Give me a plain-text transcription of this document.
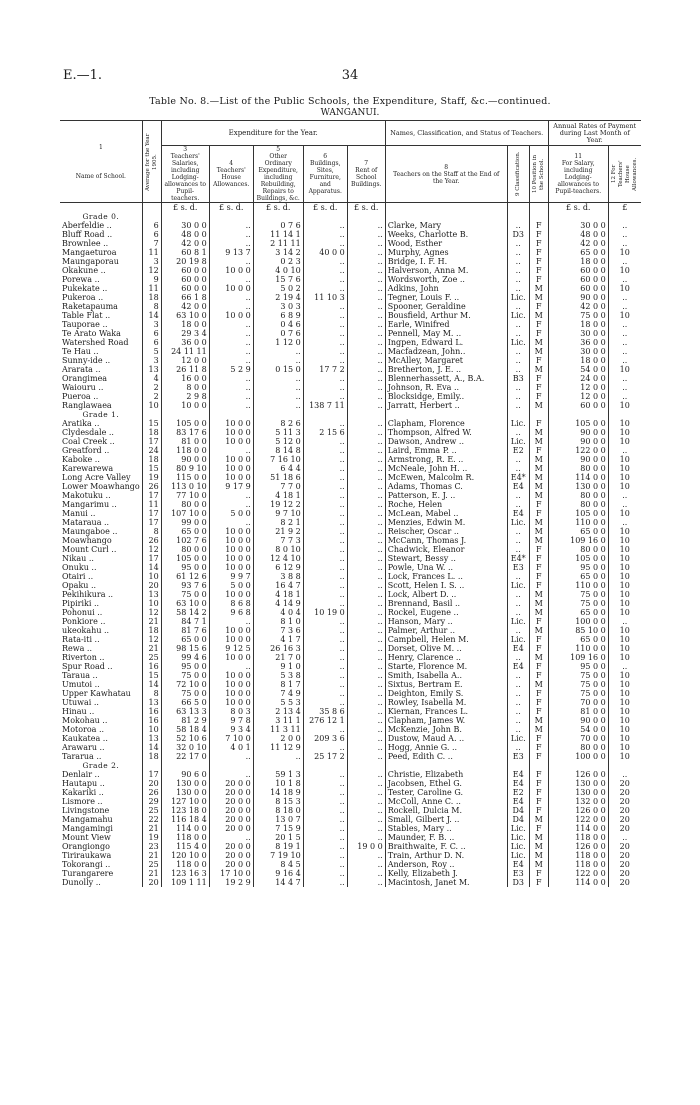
E.—1.	34
Table No. 8.—List of the Public Schools, the Expenditure, Staff, &c.—continued.
WANGANUI.
1
Name of School.	Average for the Year 1905.	Expenditure for the Year.					Names, Classification, and Status of Teachers.			Annual Rates of Payment during Last Month of Year.	
		3
Teachers' Salaries, including Lodging-allowances to Pupil-teachers.	4
Teachers' House Allowances.	5
Other Ordinary Expenditure, including Rebuilding, Repairs to Buildings, &c.	6
Buildings, Sites, Furniture, and Apparatus.	7
Rent of School Buildings.	8
Teachers on the Staff at the End of the Year.	9 Classification.	10 Position in the School.	11
For Salary, including Lodging-allowances to Pupil-teachers.	12 For Teachers' House Allowances.

		£ s. d.	£ s. d.	£ s. d.	£ s. d.	£ s. d.				£ s. d.	£
Grade 0.											
Aberfeldie ..	6	30 0 0	..	0 7 6	..	..	Clarke, Mary	..	F	30 0 0	..
Bluff Road ..	6	48 0 0	..	11 14 1	..	..	Weeks, Charlotte B.	D3	F	48 0 0	..
Brownlee ..	7	42 0 0	..	2 11 11	..	..	Wood, Esther	..	F	42 0 0	..
Mangaeturoa	11	60 8 1	9 13 7	3 14 2	40 0 0	..	Murphy, Agnes	..	F	65 0 0	10
Maungaporau	3	20 19 8	..	0 2 3	..	..	Bridge, I. F. H.	..	F	18 0 0	..
Okakune ..	12	60 0 0	10 0 0	4 0 10	..	..	Halverson, Anna M.	..	F	60 0 0	10
Porewa ..	9	60 0 0	..	15 7 6	..	..	Wordsworth, Zoe ..	..	F	60 0 0	..
Pukekate ..	11	60 0 0	10 0 0	5 0 2	..	..	Adkins, John	..	M	60 0 0	10
Pukeroa ..	18	66 1 8	..	2 19 4	11 10 3	..	Tegner, Louis F. ..	Lic.	M	90 0 0	..
Raketapauma	8	42 0 0	..	3 0 3	..	..	Spooner, Geraldine	..	F	42 0 0	..
Table Flat ..	14	63 10 0	10 0 0	6 8 9	..	..	Bousfield, Arthur M.	Lic.	M	75 0 0	10
Tauporae ..	3	18 0 0	..	0 4 6	..	..	Earle, Winifred	..	F	18 0 0	..
Te Arato Waka	6	29 3 4	..	0 7 6	..	..	Pennell, May M. ..	..	F	30 0 0	..
Watershed Road	6	36 0 0	..	1 12 0	..	..	Ingpen, Edward L.	Lic.	M	36 0 0	..
Te Hau ..	5	24 11 11	..	..	..	..	Macfadzean, John..	..	M	30 0 0	..
Sunny-ide ..	3	12 0 0	..	..	..	..	McAlley, Margaret	..	F	18 0 0	..
Ararata ..	13	26 11 8	5 2 9	0 15 0	17 7 2	..	Bretherton, J. E. ..	..	M	54 0 0	10
Orangimea	4	16 0 0	..	..	..	..	Blennerhassett, A., B.A.	B3	F	24 0 0	..
Waiouru ..	2	8 0 0	..	..	..	..	Johnson, R. Eva ..	..	F	12 0 0	..
Pueroa ..	2	2 9 8	..	..	..	..	Blocksidge, Emily..	..	F	12 0 0	..
Ranglawaea	10	10 0 0	..	..	138 7 11	..	Jarratt, Herbert ..	..	M	60 0 0	10
Grade 1.											
Aratika ..	15	105 0 0	10 0 0	8 2 6	..	..	Clapham, Florence	Lic.	F	105 0 0	10
Clydesdale ..	18	83 17 6	10 0 0	5 11 3	2 15 6	..	Thompson, Alfred W.	..	M	90 0 0	10
Coal Creek ..	17	81 0 0	10 0 0	5 12 0	..	..	Dawson, Andrew ..	Lic.	M	90 0 0	10
Greatford ..	24	118 0 0	..	8 14 8	..	..	Laird, Emma P. ..	E2	F	122 0 0	..
Kaboke ..	18	90 0 0	10 0 0	7 16 10	..	..	Armstrong, R. E. ..	..	M	90 0 0	10
Karewarewa	15	80 9 10	10 0 0	6 4 4	..	..	McNeale, John H. ..	..	M	80 0 0	10
Long Acre Valley	19	115 0 0	10 0 0	51 18 6	..	..	McEwen, Malcolm R.	E4*	M	114 0 0	10
Lower Moawhango	26	113 0 10	9 17 9	7 7 0	..	..	Adams, Thomas C.	E4	M	130 0 0	10
Makotuku ..	17	77 10 0	..	4 18 1	..	..	Patterson, E. J. ..	..	M	80 0 0	..
Mangarimu ..	11	80 0 0	..	19 12 2	..	..	Roche, Helen	..	F	80 0 0	..
Manui ..	17	107 10 0	5 0 0	9 7 10	..	..	McLean, Mabel ..	E4	F	105 0 0	10
Mataraua ..	17	99 0 0	..	8 2 1	..	..	Menzies, Edwin M.	Lic.	M	110 0 0	..
Maungaboe ..	8	65 0 0	10 0 0	21 9 2	..	..	Reischer, Oscar ..	..	M	65 0 0	10
Moawhango	26	102 7 6	10 0 0	7 7 3	..	..	McCann, Thomas J.	..	M	109 16 0	10
Mount Curl ..	12	80 0 0	10 0 0	8 0 10	..	..	Chadwick, Eleanor	..	F	80 0 0	10
Nikau ..	17	105 0 0	10 0 0	12 4 10	..	..	Stewart, Bessy ..	E4*	F	105 0 0	10
Onuku ..	14	95 0 0	10 0 0	6 12 9	..	..	Powle, Una W. ..	E3	F	95 0 0	10
Otairi ..	10	61 12 6	9 9 7	3 8 8	..	..	Lock, Frances L. ..	..	F	65 0 0	10
Opaku ..	20	93 7 6	5 0 0	16 4 7	..	..	Scott, Helen I. S. ..	Lic.	F	110 0 0	10
Pekihikura ..	13	75 0 0	10 0 0	4 18 1	..	..	Lock, Albert D. ..	..	M	75 0 0	10
Pipiriki ..	10	63 10 0	8 6 8	4 14 9	..	..	Brennand, Basil ..	..	M	75 0 0	10
Pohonui ..	12	58 14 2	9 6 8	4 0 4	10 19 0	..	Rockel, Eugene ..	..	M	65 0 0	10
Ponkiore ..	21	84 7 1	..	8 1 0	..	..	Hanson, Mary ..	Lic.	F	100 0 0	..
ukeokahu ..	18	81 7 6	10 0 0	7 3 6	..	..	Palmer, Arthur ..	..	M	85 10 0	10
Rata-iti ..	12	65 0 0	10 0 0	4 1 7	..	..	Campbell, Helen M.	Lic.	F	65 0 0	10
Rewa ..	21	98 15 6	9 12 5	26 16 3	..	..	Dorset, Olive M. ..	E4	F	110 0 0	10
Riverton ..	25	99 4 6	10 0 0	21 7 0	..	..	Henry, Clarence ..	..	M	109 16 0	10
Spur Road ..	16	95 0 0	..	9 1 0	..	..	Starte, Florence M.	E4	F	95 0 0	..
Taraua ..	15	75 0 0	10 0 0	5 3 8	..	..	Smith, Isabella A..	..	F	75 0 0	10
Umutoi ..	14	72 10 0	10 0 0	8 1 7	..	..	Sixtus, Bertram E.	..	M	75 0 0	10
Upper Kawhatau	8	75 0 0	10 0 0	7 4 9	..	..	Deighton, Emily S.	..	F	75 0 0	10
Utuwai ..	13	66 5 0	10 0 0	5 5 3	..	..	Rowley, Isabella M.	..	F	70 0 0	10
Hinau ..	16	63 13 3	8 0 3	2 13 4	35 8 6	..	Kiernan, Frances L.	..	F	81 0 0	10
Mokohau ..	16	81 2 9	9 7 8	3 11 1	276 12 1	..	Clapham, James W.	..	M	90 0 0	10
Motoroa ..	10	58 18 4	9 3 4	11 3 11	..	..	McKenzie, John B.	..	M	54 0 0	10
Kaukatea ..	13	52 10 6	7 10 0	2 0 0	209 3 6	..	Dustow, Maud A. ..	Lic.	F	70 0 0	10
Arawaru ..	14	32 0 10	4 0 1	11 12 9	..	..	Hogg, Annie G. ..	..	F	80 0 0	10
Tararua ..	18	22 17 0	..	..	25 17 2	..	Peed, Edith C. ..	E3	F	100 0 0	10
Grade 2.											
Denlair ..	17	90 6 0	..	59 1 3	..	..	Christie, Elizabeth	E4	F	126 0 0	..
Hautapu ..	20	130 0 0	20 0 0	10 1 8	..	..	Jacobsen, Ethel G.	E4	F	130 0 0	20
Kakariki ..	26	130 0 0	20 0 0	14 18 9	..	..	Tester, Caroline G.	E2	F	130 0 0	20
Lismore ..	29	127 10 0	20 0 0	8 15 3	..	..	McColl, Anne C. ..	E4	F	132 0 0	20
Livingstone	25	123 18 0	20 0 0	8 18 0	..	..	Rockell, Dulcia M.	D4	F	126 0 0	20
Mangamahu	22	116 18 4	20 0 0	13 0 7	..	..	Small, Gilbert J. ..	D4	M	122 0 0	20
Mangamingi	21	114 0 0	20 0 0	7 15 9	..	..	Stables, Mary ..	Lic.	F	114 0 0	20
Mount View	19	118 0 0	..	20 1 5	..	..	Maunder, F. B. ..	Lic.	M	118 0 0	..
Orangiongo	23	115 4 0	20 0 0	8 19 1	..	19 0 0	Braithwaite, F. C. ..	Lic.	M	126 0 0	20
Tiriraukawa	21	120 10 0	20 0 0	7 19 10	..	..	Train, Arthur D. N.	Lic.	M	118 0 0	20
Tokorangi ..	25	118 0 0	20 0 0	8 4 5	..	..	Anderson, Roy ..	E4	M	118 0 0	20
Turangarere	21	123 16 3	17 10 0	9 16 4	..	..	Kelly, Elizabeth J.	E3	F	122 0 0	20
Dunolly ..	20	109 1 11	19 2 9	14 4 7	..	..	Macintosh, Janet M.	D3	F	114 0 0	20
